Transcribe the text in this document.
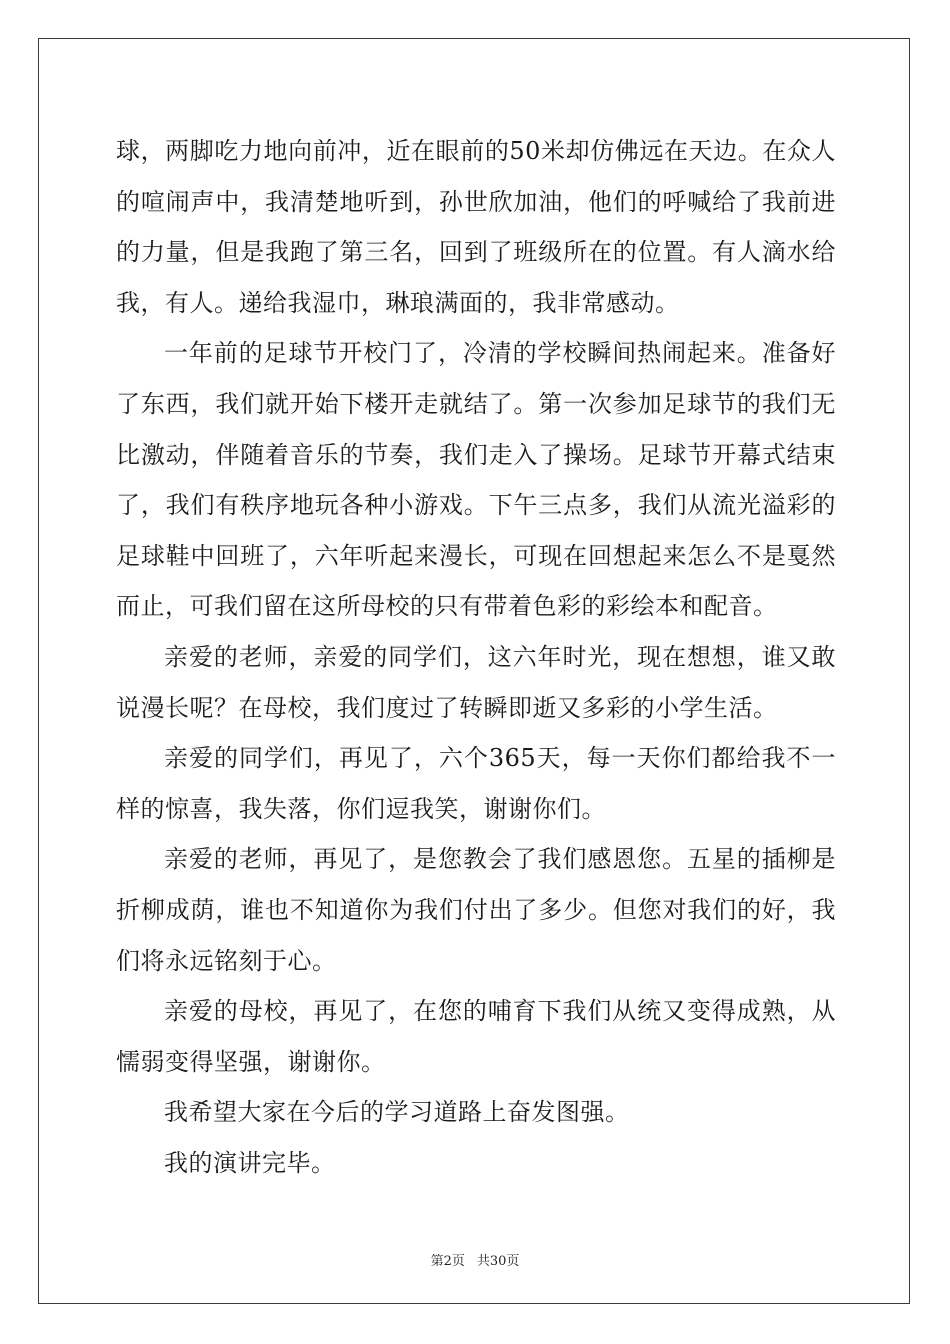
球，两脚吃力地向前冲，近在眼前的50米却仿佛远在天边。在众人的喧闹声中，我清楚地听到，孙世欣加油，他们的呼喊给了我前进的力量，但是我跑了第三名，回到了班级所在的位置。有人滴水给我，有人。递给我湿巾，琳琅满面的，我非常感动。

一年前的足球节开校门了，冷清的学校瞬间热闹起来。准备好了东西，我们就开始下楼开走就结了。第一次参加足球节的我们无比激动，伴随着音乐的节奏，我们走入了操场。足球节开幕式结束了，我们有秩序地玩各种小游戏。下午三点多，我们从流光溢彩的足球鞋中回班了，六年听起来漫长，可现在回想起来怎么不是戛然而止，可我们留在这所母校的只有带着色彩的彩绘本和配音。

亲爱的老师，亲爱的同学们，这六年时光，现在想想，谁又敢说漫长呢？在母校，我们度过了转瞬即逝又多彩的小学生活。

亲爱的同学们，再见了，六个365天，每一天你们都给我不一样的惊喜，我失落，你们逗我笑，谢谢你们。

亲爱的老师，再见了，是您教会了我们感恩您。五星的插柳是折柳成荫，谁也不知道你为我们付出了多少。但您对我们的好，我们将永远铭刻于心。

亲爱的母校，再见了，在您的哺育下我们从统又变得成熟，从懦弱变得坚强，谢谢你。

我希望大家在今后的学习道路上奋发图强。

我的演讲完毕。

第2页 共30页
